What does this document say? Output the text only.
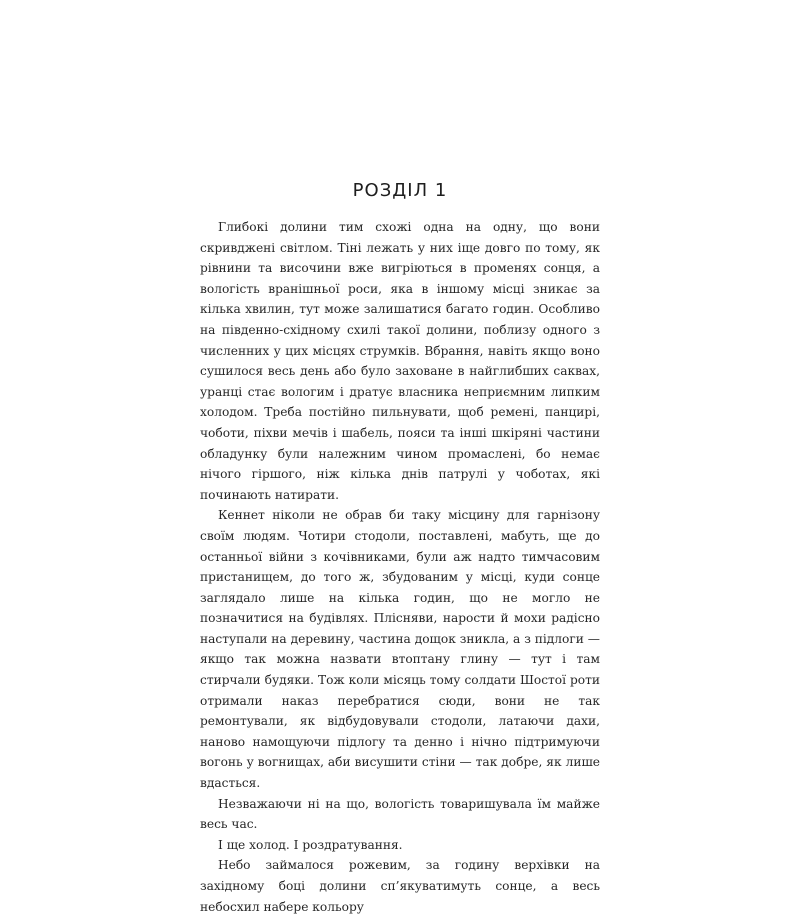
РОЗДІЛ 1

Глибокі долини тим схожі одна на одну, що вони скривджені світлом. Тіні лежать у них іще довго по тому, як рівнини та височини вже вигріються в променях сонця, а вологість вранішньої роси, яка в іншому місці зникає за кілька хвилин, тут може залишатися багато годин. Особливо на південно-східному схилі такої долини, поблизу одного з численних у цих місцях струмків. Вбрання, навіть якщо воно сушилося весь день або було заховане в найглибших саквах, уранці стає вологим і дратує власника неприємним липким холодом. Треба постійно пильнувати, щоб ремені, панцирі, чоботи, піхви мечів і шабель, пояси та інші шкіряні частини обладунку були належним чином промаслені, бо немає нічого гіршого, ніж кілька днів патрулі у чоботах, які починають натирати.

Кеннет ніколи не обрав би таку місцину для гарнізону своїм людям. Чотири стодоли, поставлені, мабуть, ще до останньої війни з кочівниками, були аж надто тимчасовим пристанищем, до того ж, збудованим у місці, куди сонце заглядало лише на кілька годин, що не могло не позначитися на будівлях. Плісняви, нарости й мохи радісно наступали на деревину, частина дощок зникла, а з підлоги — якщо так можна назвати втоптану глину — тут і там стирчали будяки. Тож коли місяць тому солдати Шостої роти отримали наказ перебратися сюди, вони не так ремонтували, як відбудовували стодоли, латаючи дахи, наново намощуючи підлогу та денно і нічно підтримуючи вогонь у вогнищах, аби висушити стіни — так добре, як лише вдасться.

Незважаючи ні на що, вологість товаришувала їм майже весь час.

І ще холод. І роздратування.

Небо займалося рожевим, за годину верхівки на західному боці долини сп’якуватимуть сонце, а весь небосхил набере кольору
